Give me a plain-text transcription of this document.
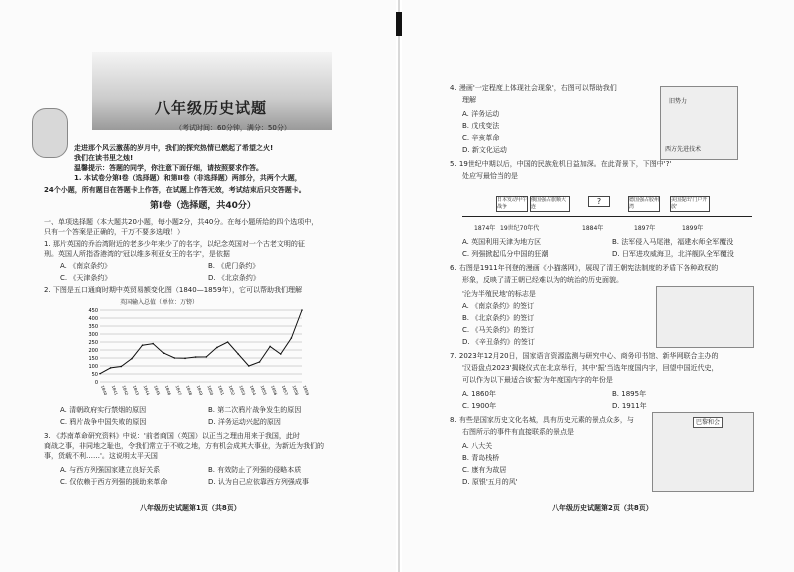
八年级历史试题
（考试时间：60分钟，满分：50分）
走进那个风云激荡的岁月中，我们的探究热情已燃起了希望之火!
我们在读书里之烛!
温馨提示：答题的同学，你注意下面仔细，请按照要求作答。
1. 本试卷分第I卷（选择题）和第II卷（非选择题）两部分，共两个大题，
24个小题，所有题目在答题卡上作答，在试题上作答无效，考试结束后只交答题卡。
第I卷（选择题，共40分）
一、单项选择题（本大题共20小题，每小题2分，共40分。在每小题所给的四个选项中，
只有一个答案是正确的，干万不要多选哦！）
1. 那片英国的乔治湾附近的老多少年来少了的名字，以纪念英国对一个古老文明的征
刑。英国人所指香港湾的'冠以维多利亚女王的名字'，是依据
A. 《南京条约》	B. 《虎门条约》
C. 《天津条约》	D. 《北京条约》
2. 下图是五口通商时期中英贸易额变化图（1840—1859年），它可以帮助我们理解
英国输入总值（单位：万镑）
450
400
350
300
250
200
150
100
50
0
1840 1841 1842 1843 1844 1845 1846 1847 1848 1849 1850 1851 1852 1853 1854 1855 1856 1857 1858 1859
A. 清朝政府实行禁烟的原因	B. 第二次鸦片战争发生的原因
C. 鸦片战争中国失败的原因	D. 洋务运动兴起的原因
3. 《苏南革命研究资料》中说：'前者商国（英国）以正当之理由用来于我国，此时
商战之事，非同地之耻也，令我们常立于不败之地，方有机会成其大事业，为新近为我们的
事，货载不利……'。这说明太平天国
A. 与西方列强国家建立良好关系	B. 有效防止了列强的侵略本质
C. 仅依赖于西方列强的援助来革命	D. 认为自己应依靠西方列强成事
八年级历史试题第1页（共8页）
4. 漫画'一定程度上体现社会现象'，右图可以帮助我们
理解
A. 洋务运动
B. 戊戌变法
C. 辛亥革命
D. 新文化运动
旧势力
西方先进技术
5. 19世纪中期以后，中国的民族危机日益加深。在此背景下，下图中'?'
处应写最恰当的是
日本发动甲午战争
俄国强占旅顺大连
?	德国强占胶州湾
美国提出'门户开放'
1874年 19世纪70年代	1884年	1897年	1899年
A. 英国利用天津为地方区	B. 法军侵入马尾港，福建水师全军覆没
C. 列强掀起瓜分中国的狂潮	D. 日军进攻威海卫，北洋舰队全军覆没
6. 右图是1911年刊登的漫画《小猫落网》，展现了清王朝宪法制度的矛盾下各种政权的
形象，反映了清王朝已经难以为的统治的历史面貌。
'沦为半殖民地'的标志是
A. 《南京条约》的签订
B. 《北京条约》的签订
C. 《马关条约》的签订
D. 《辛丑条约》的签订
7. 2023年12月20日，国家语言资源监测与研究中心、商务印书馆、新华网联合主办的
'汉语盘点2023'揭晓仪式在北京举行，其中'振'当选年度国内字，回望中国近代史，
可以作为以下最适合该'振'为年度国内字的年份是
A. 1860年	B. 1895年
C. 1900年	D. 1911年
8. 有些是国家历史文化名城，具有历史元素的景点众多，与
右图所示的事件有直接联系的景点是
A. 八大关
B. 青岛栈桥
C. 康有为故居
D. 原银'五月的风'
巴黎和会
八年级历史试题第2页（共8页）
